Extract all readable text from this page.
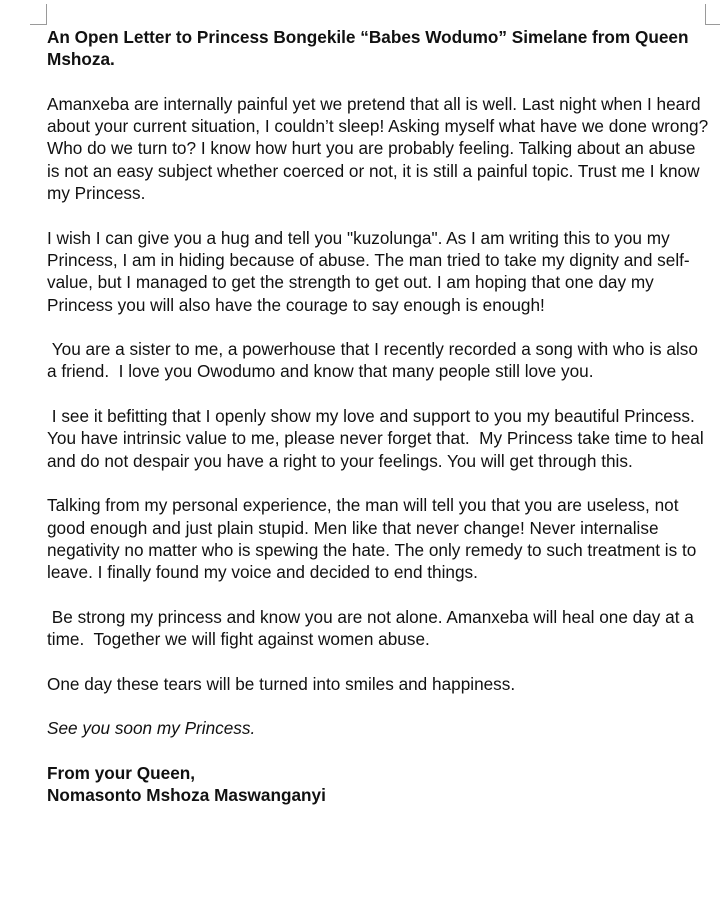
An Open Letter to Princess Bongekile “Babes Wodumo” Simelane from Queen Mshoza.

Amanxeba are internally painful yet we pretend that all is well. Last night when I heard about your current situation, I couldn’t sleep! Asking myself what have we done wrong? Who do we turn to? I know how hurt you are probably feeling. Talking about an abuse is not an easy subject whether coerced or not, it is still a painful topic. Trust me I know my Princess.

I wish I can give you a hug and tell you "kuzolunga". As I am writing this to you my Princess, I am in hiding because of abuse. The man tried to take my dignity and self-value, but I managed to get the strength to get out. I am hoping that one day my Princess you will also have the courage to say enough is enough!

You are a sister to me, a powerhouse that I recently recorded a song with who is also a friend.  I love you Owodumo and know that many people still love you.

I see it befitting that I openly show my love and support to you my beautiful Princess.  You have intrinsic value to me, please never forget that.  My Princess take time to heal and do not despair you have a right to your feelings. You will get through this.

Talking from my personal experience, the man will tell you that you are useless, not good enough and just plain stupid. Men like that never change! Never internalise negativity no matter who is spewing the hate. The only remedy to such treatment is to leave. I finally found my voice and decided to end things.

Be strong my princess and know you are not alone. Amanxeba will heal one day at a time.  Together we will fight against women abuse.

One day these tears will be turned into smiles and happiness.

See you soon my Princess.

From your Queen,
Nomasonto Mshoza Maswanganyi
